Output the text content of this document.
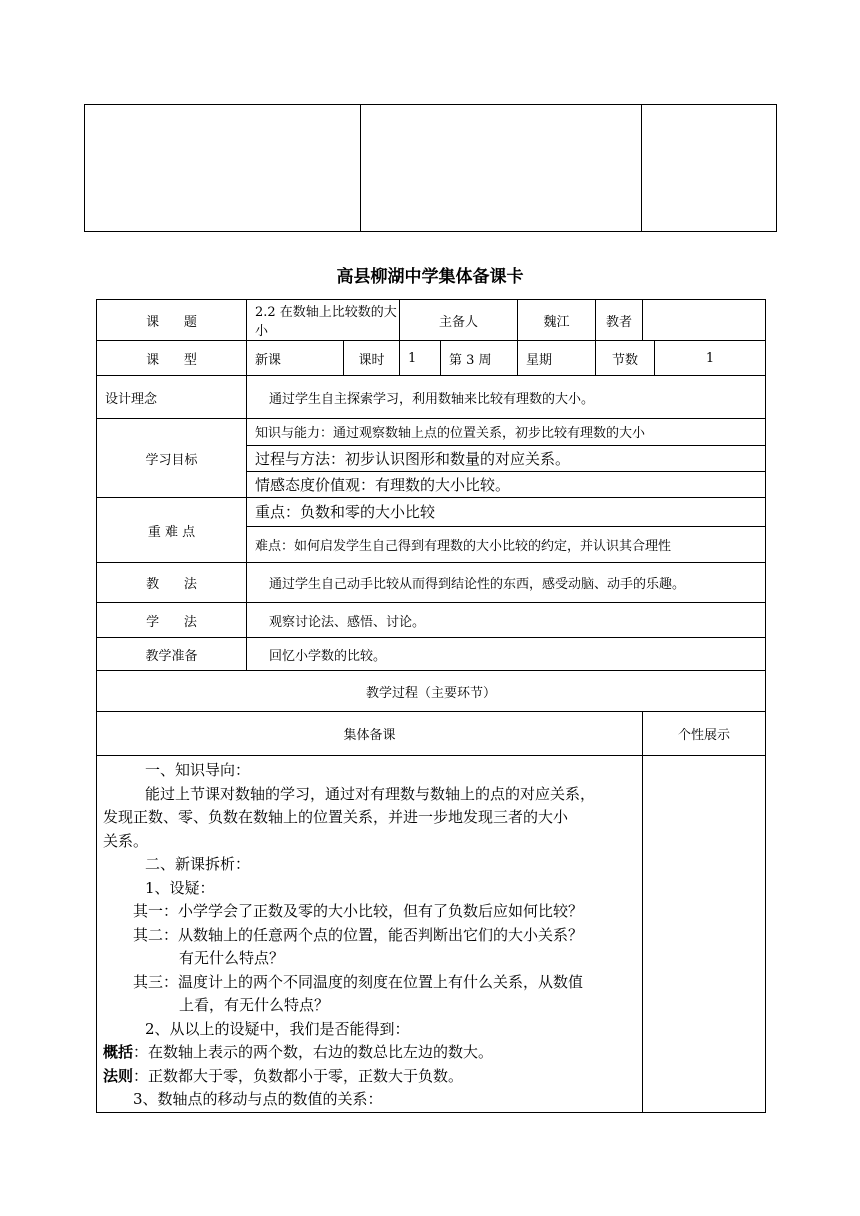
高县柳湖中学集体备课卡
课      题	2.2 在数轴上比较数的大小	主备人	魏江	教者	
课      型	新课	课时	1	第 3 周	星期	节数	1
设计理念	通过学生自主探索学习，利用数轴来比较有理数的大小。
学习目标	
知识与能力：通过观察数轴上点的位置关系，初步比较有理数的大小
过程与方法：初步认识图形和数量的对应关系。
情感态度价值观：有理数的大小比较。

重 难 点	
重点：负数和零的大小比较
难点：如何启发学生自己得到有理数的大小比较的约定，并认识其合理性

教      法	通过学生自己动手比较从而得到结论性的东西，感受动脑、动手的乐趣。
学      法	观察讨论法、感悟、讨论。
教学准备	回忆小学数的比较。
教学过程（主要环节）
集体备课	个性展示

一、知识导向：

能过上节课对数轴的学习，通过对有理数与数轴上的点的对应关系，

发现正数、零、负数在数轴上的位置关系，并进一步地发现三者的大小

关系。

二、新课拆析：

1、设疑：

其一：小学学会了正数及零的大小比较，但有了负数后应如何比较？

其二：从数轴上的任意两个点的位置，能否判断出它们的大小关系？

有无什么特点？

其三：温度计上的两个不同温度的刻度在位置上有什么关系，从数值

上看，有无什么特点？

2、从以上的设疑中，我们是否能得到：

概括：在数轴上表示的两个数，右边的数总比左边的数大。

法则：正数都大于零，负数都小于零，正数大于负数。

3、数轴点的移动与点的数值的关系：
